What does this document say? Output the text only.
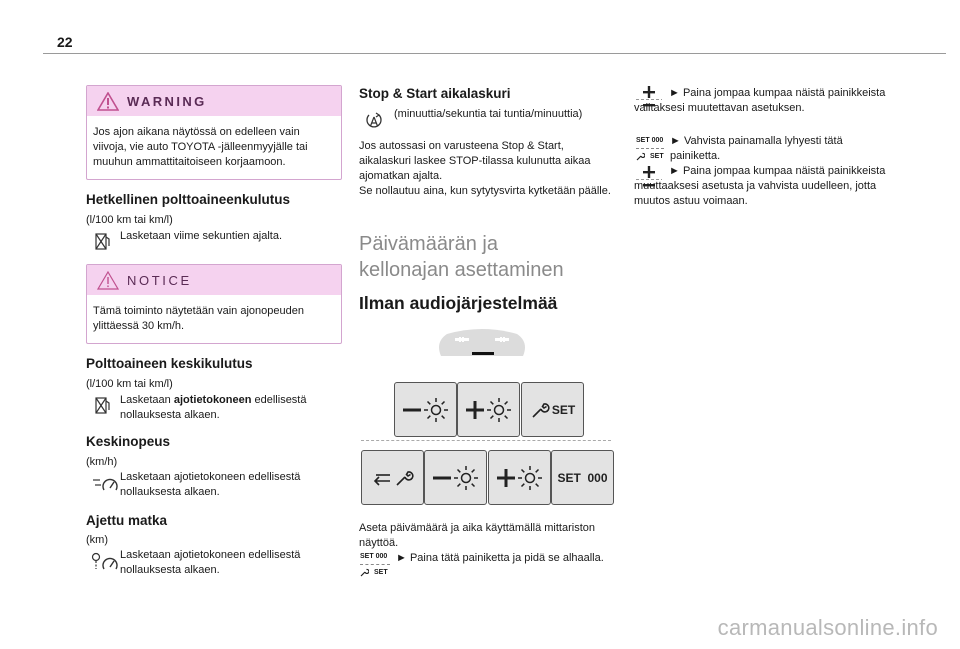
22
WARNING
Jos ajon aikana näytössä on edelleen vain viivoja, vie auto TOYOTA -jälleenmyyjälle tai muuhun ammattitaitoiseen korjaamoon.
Hetkellinen polttoaineenkulutus
(l/100 km tai km/l)
Lasketaan viime sekuntien ajalta.
NOTICE
Tämä toiminto näytetään vain ajonopeuden ylittäessä 30 km/h.
Polttoaineen keskikulutus
(l/100 km tai km/l)
Lasketaan ajotietokoneen edellisestä nollauksesta alkaen.
Keskinopeus
(km/h)
Lasketaan ajotietokoneen edellisestä nollauksesta alkaen.
Ajettu matka
(km)
Lasketaan ajotietokoneen edellisestä nollauksesta alkaen.
Stop & Start aikalaskuri
(minuuttia/sekuntia tai tuntia/minuuttia)
Jos autossasi on varusteena Stop & Start, aikalaskuri laskee STOP-tilassa kulunutta aikaa ajomatkan ajalta.
Se nollautuu aina, kun sytytysvirta kytketään päälle.
Päivämäärän ja
kellonajan asettaminen
Ilman audiojärjestelmää
SET
SET  000
Aseta päivämäärä ja aika käyttämällä mittariston näyttöä.
SET 000
SET
► Paina tätä painiketta ja pidä se alhaalla.
► Paina jompaa kumpaa näistä painikkeista valitaksesi muutettavan asetuksen.
SET 000
SET
► Vahvista painamalla lyhyesti tätä painiketta.
► Paina jompaa kumpaa näistä painikkeista muuttaaksesi asetusta ja vahvista uudelleen, jotta muutos astuu voimaan.
carmanualsonline.info
